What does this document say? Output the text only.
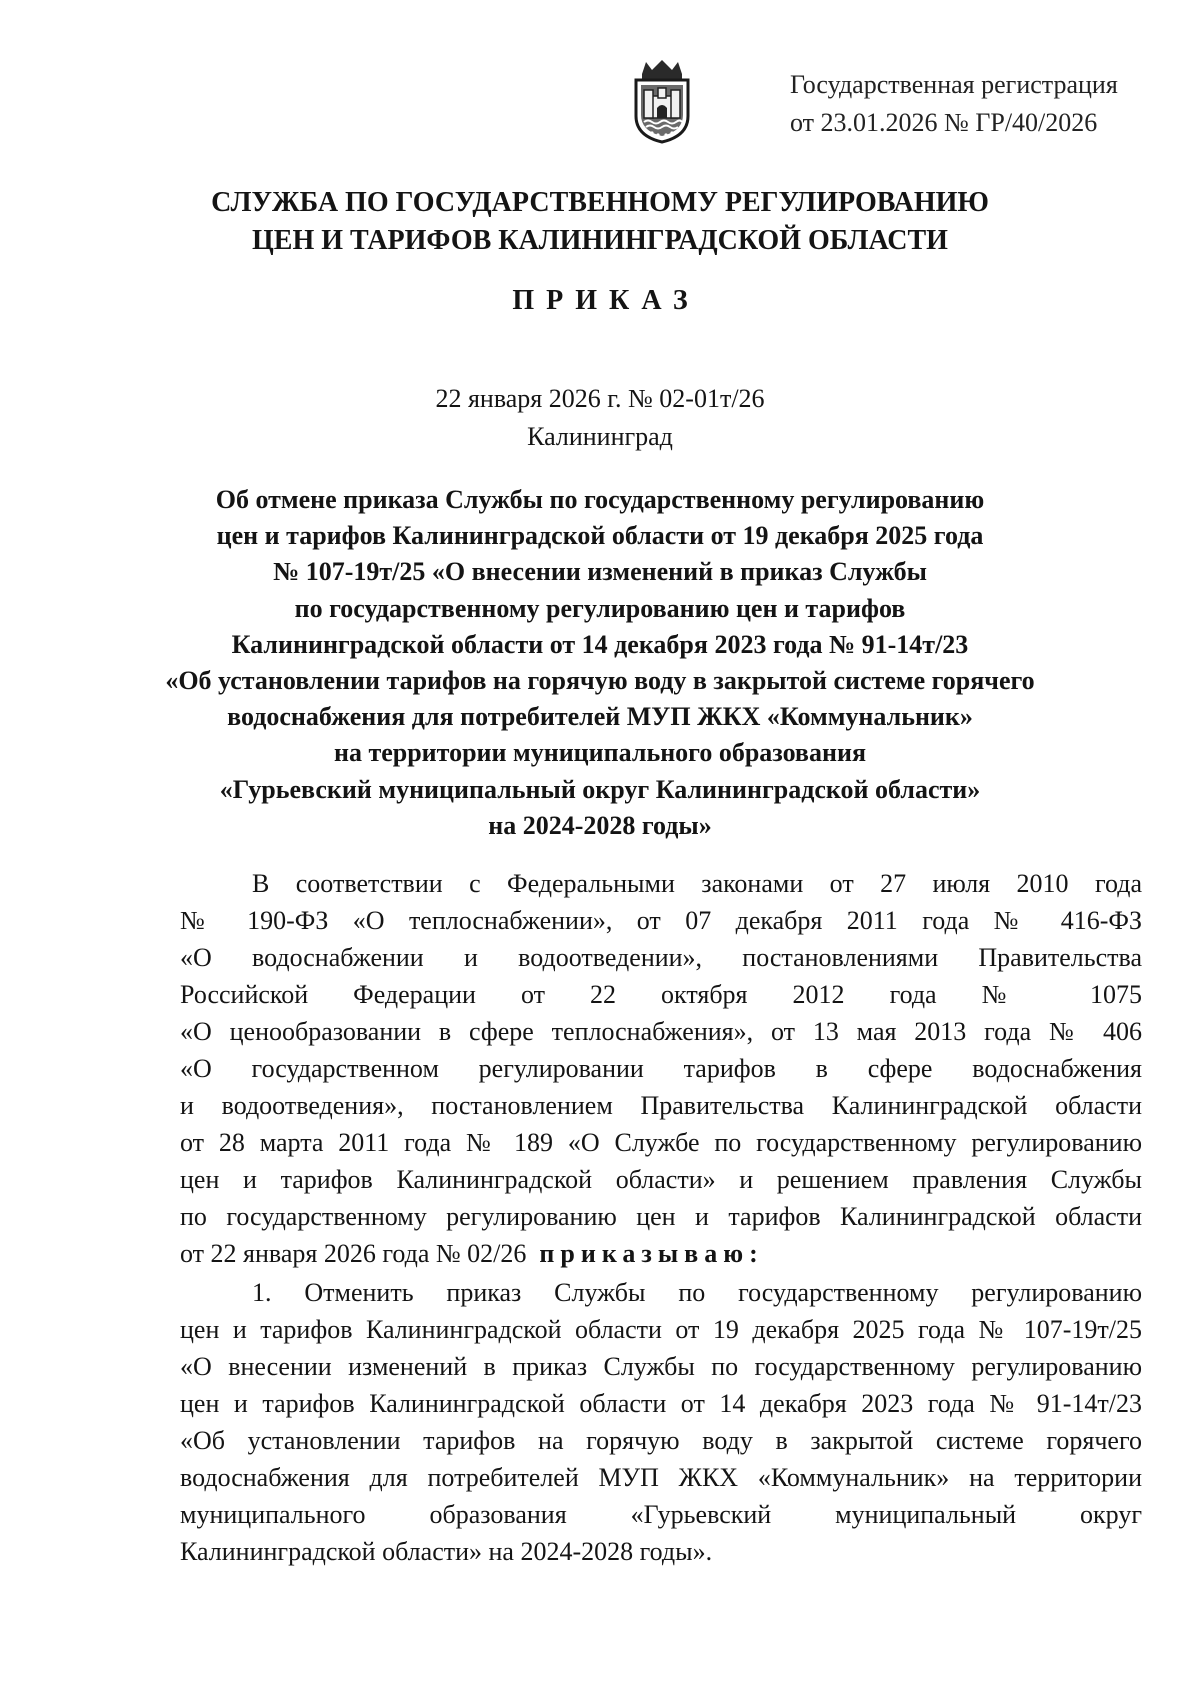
Государственная регистрация
от 23.01.2026 № ГР/40/2026
СЛУЖБА ПО ГОСУДАРСТВЕННОМУ РЕГУЛИРОВАНИЮ
ЦЕН И ТАРИФОВ КАЛИНИНГРАДСКОЙ ОБЛАСТИ
ПРИКАЗ
22 января 2026 г. № 02-01т/26
Калининград
Об отмене приказа Службы по государственному регулированию
цен и тарифов Калининградской области от 19 декабря 2025 года
№ 107-19т/25 «О внесении изменений в приказ Службы
по государственному регулированию цен и тарифов
Калининградской области от 14 декабря 2023 года № 91-14т/23
«Об установлении тарифов на горячую воду в закрытой системе горячего
водоснабжения для потребителей МУП ЖКХ «Коммунальник»
на территории муниципального образования
«Гурьевский муниципальный округ Калининградской области»
на 2024-2028 годы»
В соответствии с Федеральными законами от 27 июля 2010 года
№ 190-ФЗ «О теплоснабжении», от 07 декабря 2011 года № 416-ФЗ
«О водоснабжении и водоотведении», постановлениями Правительства
Российской Федерации от 22 октября 2012 года № 1075
«О ценообразовании в сфере теплоснабжения», от 13 мая 2013 года № 406
«О государственном регулировании тарифов в сфере водоснабжения
и водоотведения», постановлением Правительства Калининградской области
от 28 марта 2011 года № 189 «О Службе по государственному регулированию
цен и тарифов Калининградской области» и решением правления Службы
по государственному регулированию цен и тарифов Калининградской области
от 22 января 2026 года № 02/26 приказываю:
1. Отменить приказ Службы по государственному регулированию
цен и тарифов Калининградской области от 19 декабря 2025 года № 107-19т/25
«О внесении изменений в приказ Службы по государственному регулированию
цен и тарифов Калининградской области от 14 декабря 2023 года № 91-14т/23
«Об установлении тарифов на горячую воду в закрытой системе горячего
водоснабжения для потребителей МУП ЖКХ «Коммунальник» на территории
муниципального образования «Гурьевский муниципальный округ
Калининградской области» на 2024-2028 годы».
